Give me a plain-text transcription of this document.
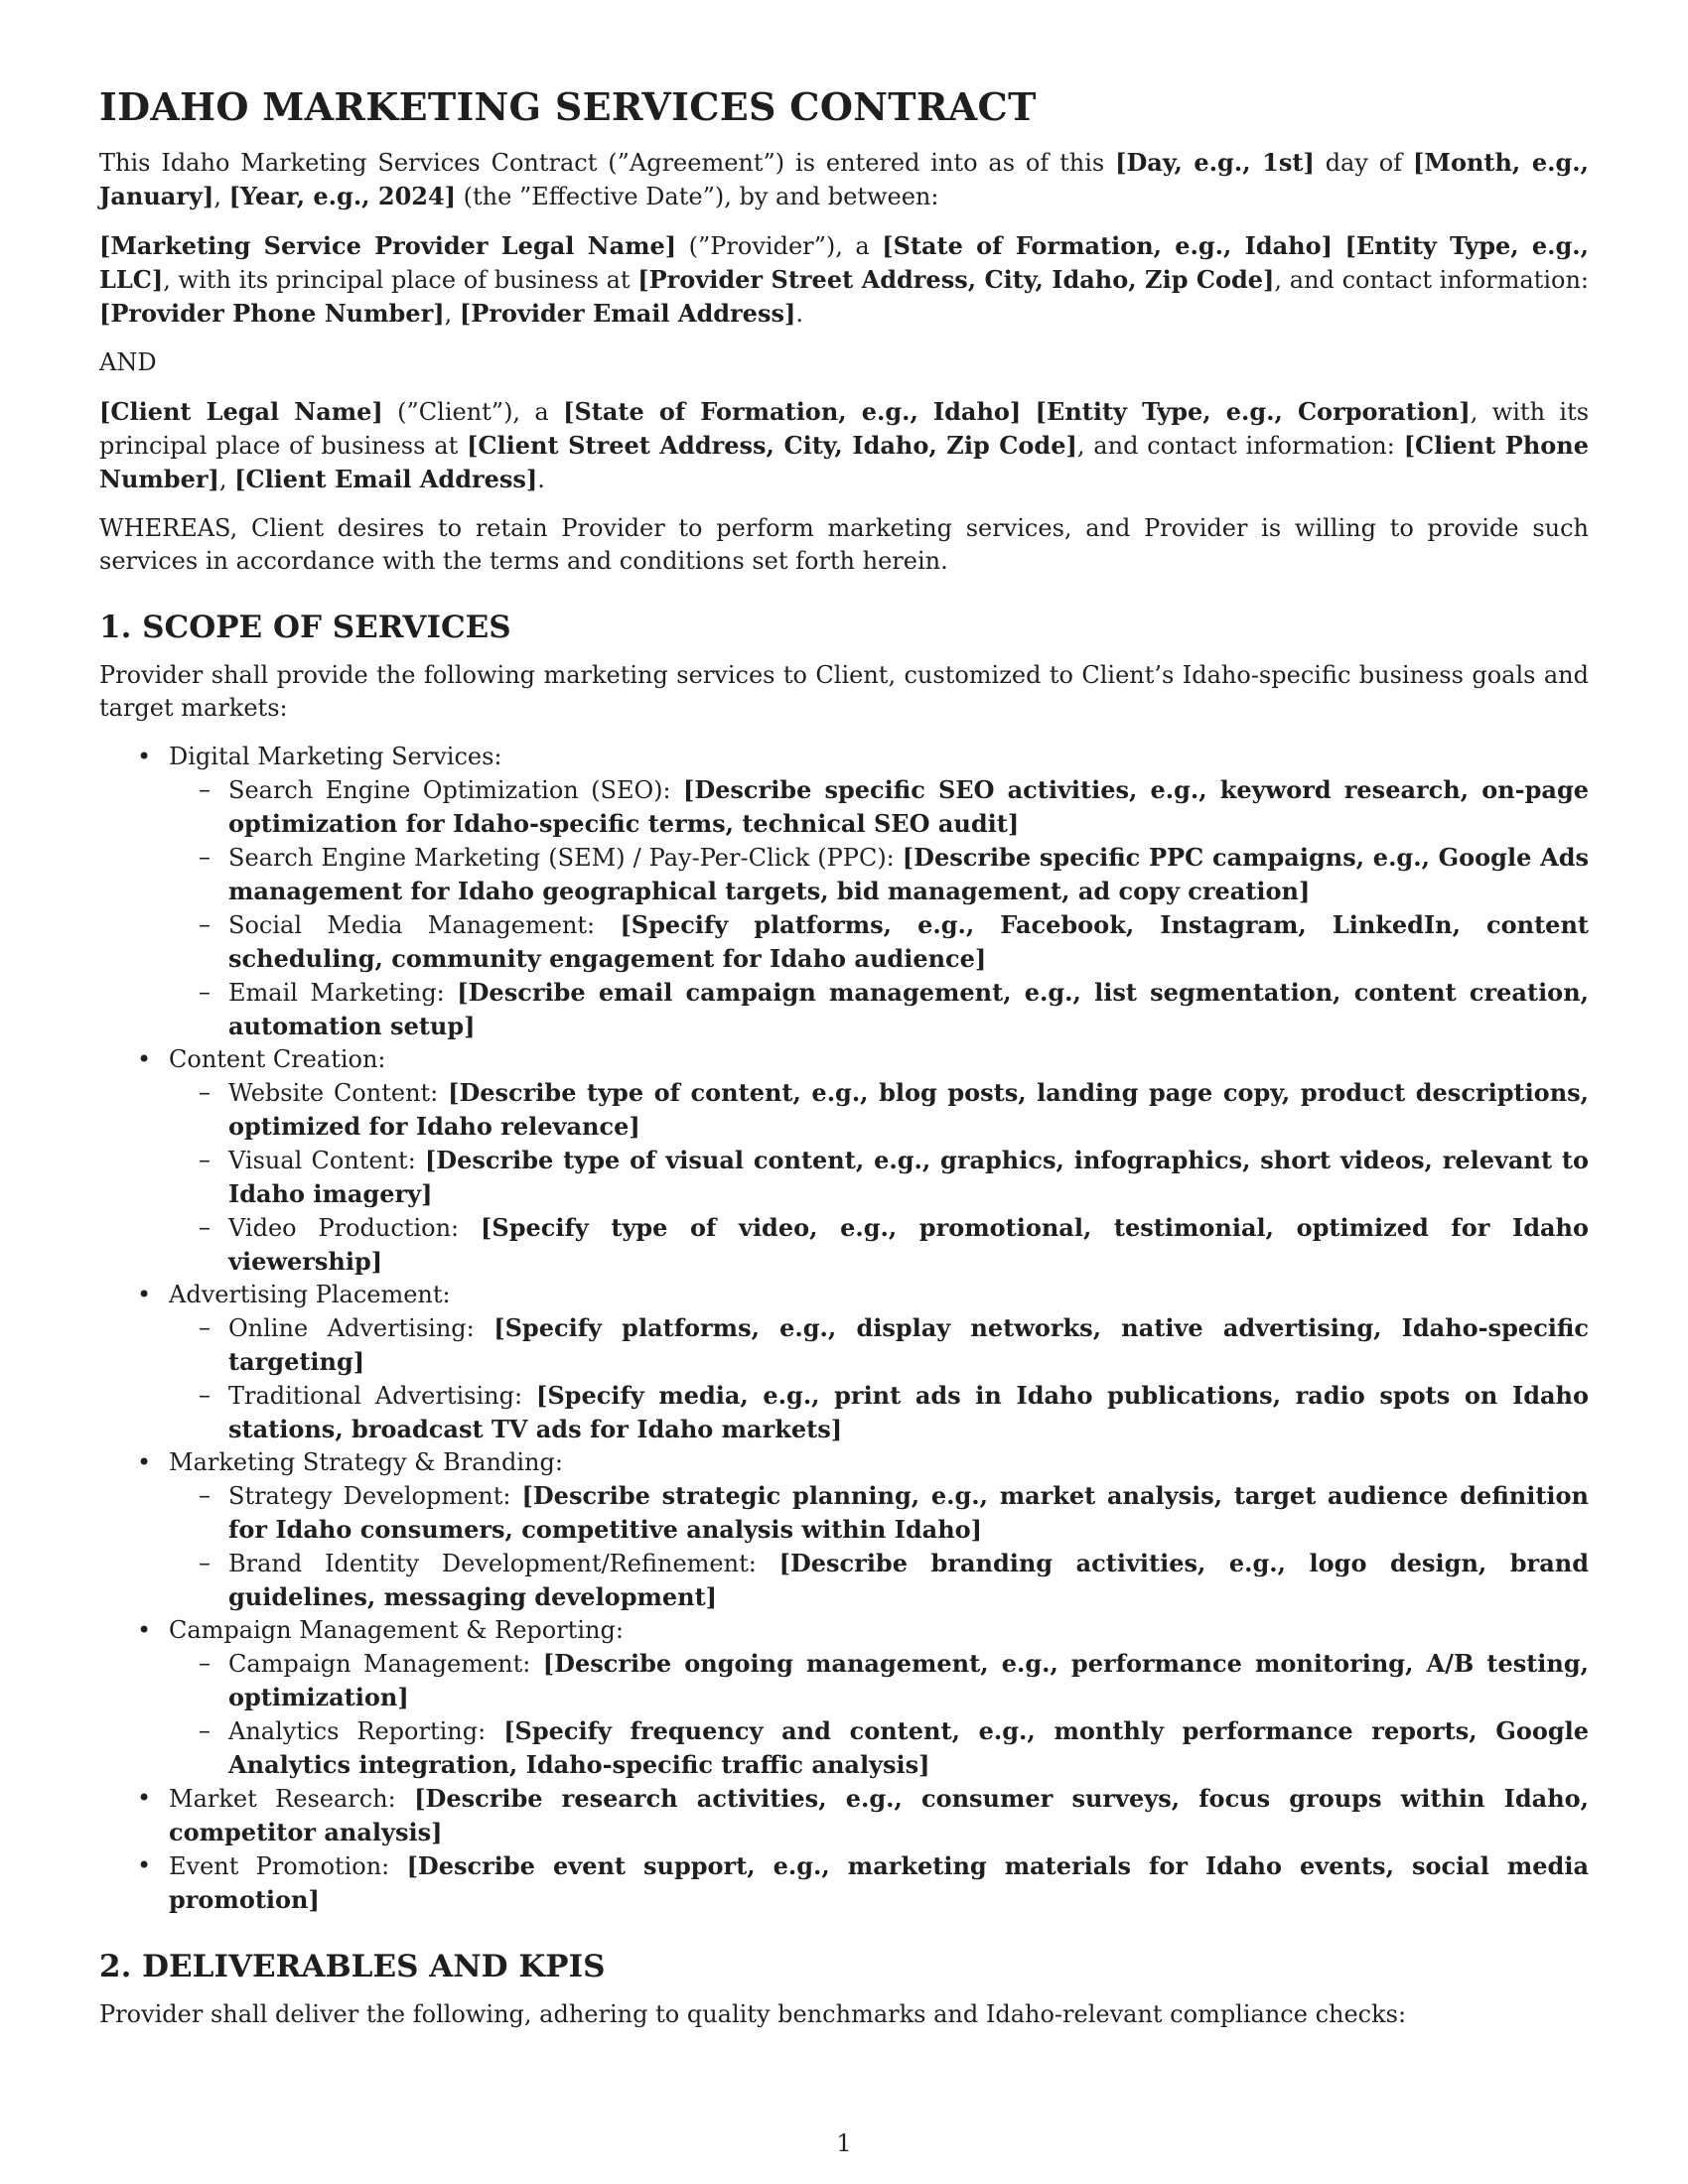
IDAHO MARKETING SERVICES CONTRACT

This Idaho Marketing Services Contract (”Agreement”) is entered into as of this [Day, e.g., 1st] day of [Month, e.g., January], [Year, e.g., 2024] (the ”Effective Date”), by and between:

[Marketing Service Provider Legal Name] (”Provider”), a [State of Formation, e.g., Idaho] [Entity Type, e.g., LLC], with its principal place of business at [Provider Street Address, City, Idaho, Zip Code], and contact information: [Provider Phone Number], [Provider Email Address].

AND

[Client Legal Name] (”Client”), a [State of Formation, e.g., Idaho] [Entity Type, e.g., Corporation], with its principal place of business at [Client Street Address, City, Idaho, Zip Code], and contact information: [Client Phone Number], [Client Email Address].

WHEREAS, Client desires to retain Provider to perform marketing services, and Provider is willing to provide such services in accordance with the terms and conditions set forth herein.

1. SCOPE OF SERVICES

Provider shall provide the following marketing services to Client, customized to Client’s Idaho-specific business goals and target markets:

• Digital Marketing Services:
– Search Engine Optimization (SEO): [Describe specific SEO activities, e.g., keyword research, on-page optimization for Idaho-specific terms, technical SEO audit]
– Search Engine Marketing (SEM) / Pay-Per-Click (PPC): [Describe specific PPC campaigns, e.g., Google Ads management for Idaho geographical targets, bid management, ad copy creation]
– Social Media Management: [Specify platforms, e.g., Facebook, Instagram, LinkedIn, content scheduling, community engagement for Idaho audience]
– Email Marketing: [Describe email campaign management, e.g., list segmentation, content creation, automation setup]
• Content Creation:
– Website Content: [Describe type of content, e.g., blog posts, landing page copy, product descriptions, optimized for Idaho relevance]
– Visual Content: [Describe type of visual content, e.g., graphics, infographics, short videos, relevant to Idaho imagery]
– Video Production: [Specify type of video, e.g., promotional, testimonial, optimized for Idaho viewership]
• Advertising Placement:
– Online Advertising: [Specify platforms, e.g., display networks, native advertising, Idaho-specific targeting]
– Traditional Advertising: [Specify media, e.g., print ads in Idaho publications, radio spots on Idaho stations, broadcast TV ads for Idaho markets]
• Marketing Strategy & Branding:
– Strategy Development: [Describe strategic planning, e.g., market analysis, target audience definition for Idaho consumers, competitive analysis within Idaho]
– Brand Identity Development/Refinement: [Describe branding activities, e.g., logo design, brand guidelines, messaging development]
• Campaign Management & Reporting:
– Campaign Management: [Describe ongoing management, e.g., performance monitoring, A/B testing, optimization]
– Analytics Reporting: [Specify frequency and content, e.g., monthly performance reports, Google Analytics integration, Idaho-specific traffic analysis]
• Market Research: [Describe research activities, e.g., consumer surveys, focus groups within Idaho, competitor analysis]
• Event Promotion: [Describe event support, e.g., marketing materials for Idaho events, social media promotion]
2. DELIVERABLES AND KPIS

Provider shall deliver the following, adhering to quality benchmarks and Idaho-relevant compliance checks:

1
